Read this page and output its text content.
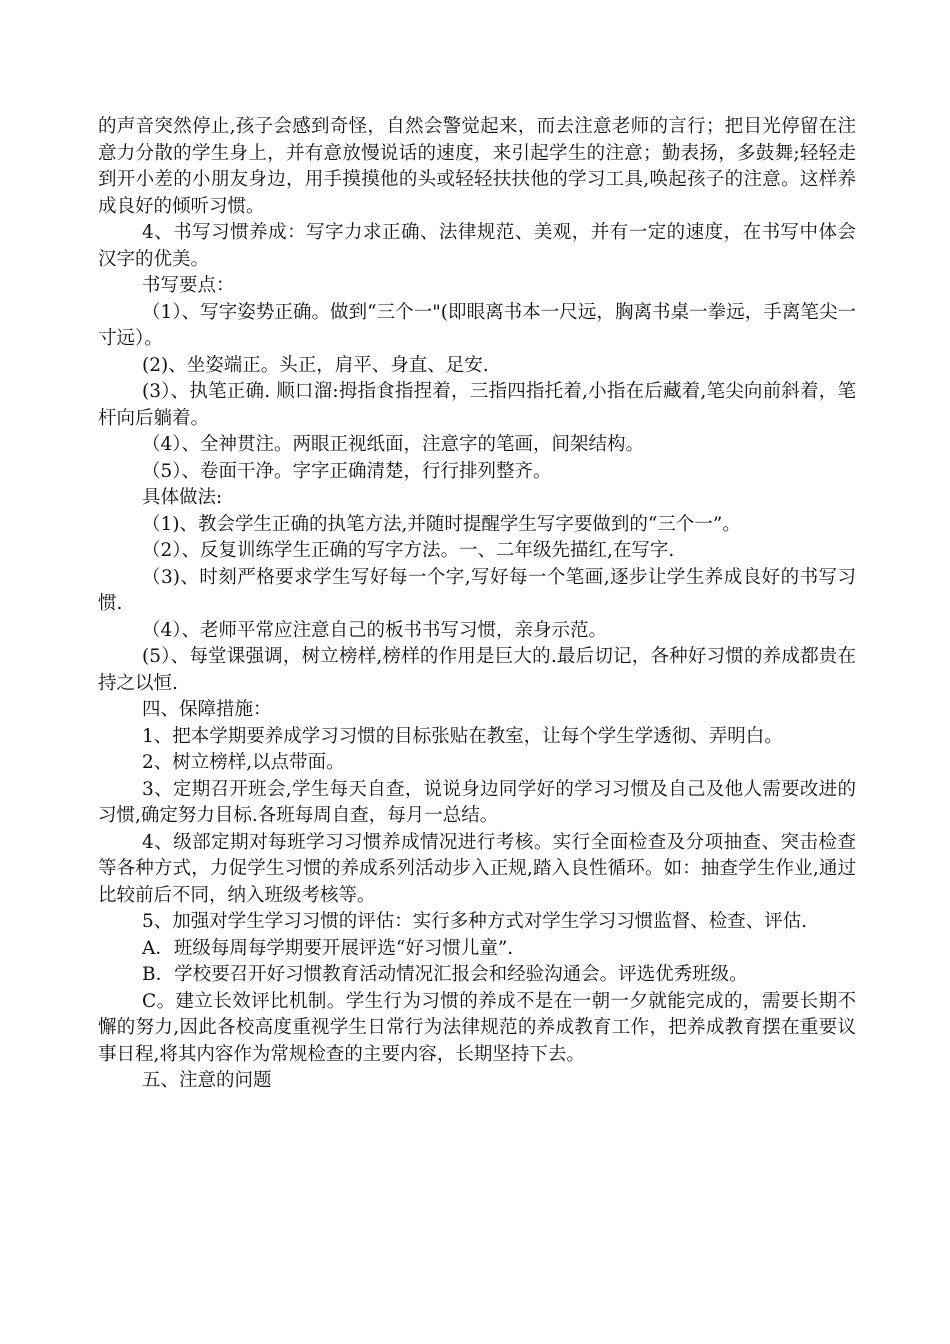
的声音突然停止,孩子会感到奇怪，自然会警觉起来，而去注意老师的言行；把目光停留在注意力分散的学生身上，并有意放慢说话的速度，来引起学生的注意；勤表扬，多鼓舞;轻轻走到开小差的小朋友身边，用手摸摸他的头或轻轻扶扶他的学习工具,唤起孩子的注意。这样养成良好的倾听习惯。

4、书写习惯养成：写字力求正确、法律规范、美观，并有一定的速度，在书写中体会汉字的优美。

书写要点：

（1）、写字姿势正确。做到“三个一"(即眼离书本一尺远，胸离书桌一拳远，手离笔尖一寸远）。

(2)、坐姿端正。头正，肩平、身直、足安.

(3）、执笔正确. 顺口溜:拇指食指捏着，三指四指托着,小指在后藏着,笔尖向前斜着，笔杆向后躺着。

（4）、全神贯注。两眼正视纸面，注意字的笔画，间架结构。

（5）、卷面干净。字字正确清楚，行行排列整齐。

具体做法:

（1)、教会学生正确的执笔方法,并随时提醒学生写字要做到的“三个一”。

（2）、反复训练学生正确的写字方法。一、二年级先描红,在写字.

（3)、时刻严格要求学生写好每一个字,写好每一个笔画,逐步让学生养成良好的书写习惯.

（4）、老师平常应注意自己的板书书写习惯，亲身示范。

(5）、每堂课强调，树立榜样,榜样的作用是巨大的.最后切记，各种好习惯的养成都贵在持之以恒.

四、保障措施：

1、把本学期要养成学习习惯的目标张贴在教室，让每个学生学透彻、弄明白。

2、树立榜样,以点带面。

3、定期召开班会,学生每天自查，说说身边同学好的学习习惯及自己及他人需要改进的习惯,确定努力目标.各班每周自查，每月一总结。

4、级部定期对每班学习习惯养成情况进行考核。实行全面检查及分项抽查、突击检查等各种方式，力促学生习惯的养成系列活动步入正规,踏入良性循环。如：抽查学生作业,通过比较前后不同，纳入班级考核等。

5、加强对学生学习习惯的评估：实行多种方式对学生学习习惯监督、检查、评估.

A．班级每周每学期要开展评选“好习惯儿童”.

B．学校要召开好习惯教育活动情况汇报会和经验沟通会。评选优秀班级。

C。建立长效评比机制。学生行为习惯的养成不是在一朝一夕就能完成的，需要长期不懈的努力,因此各校高度重视学生日常行为法律规范的养成教育工作，把养成教育摆在重要议事日程,将其内容作为常规检查的主要内容，长期坚持下去。

五、注意的问题
